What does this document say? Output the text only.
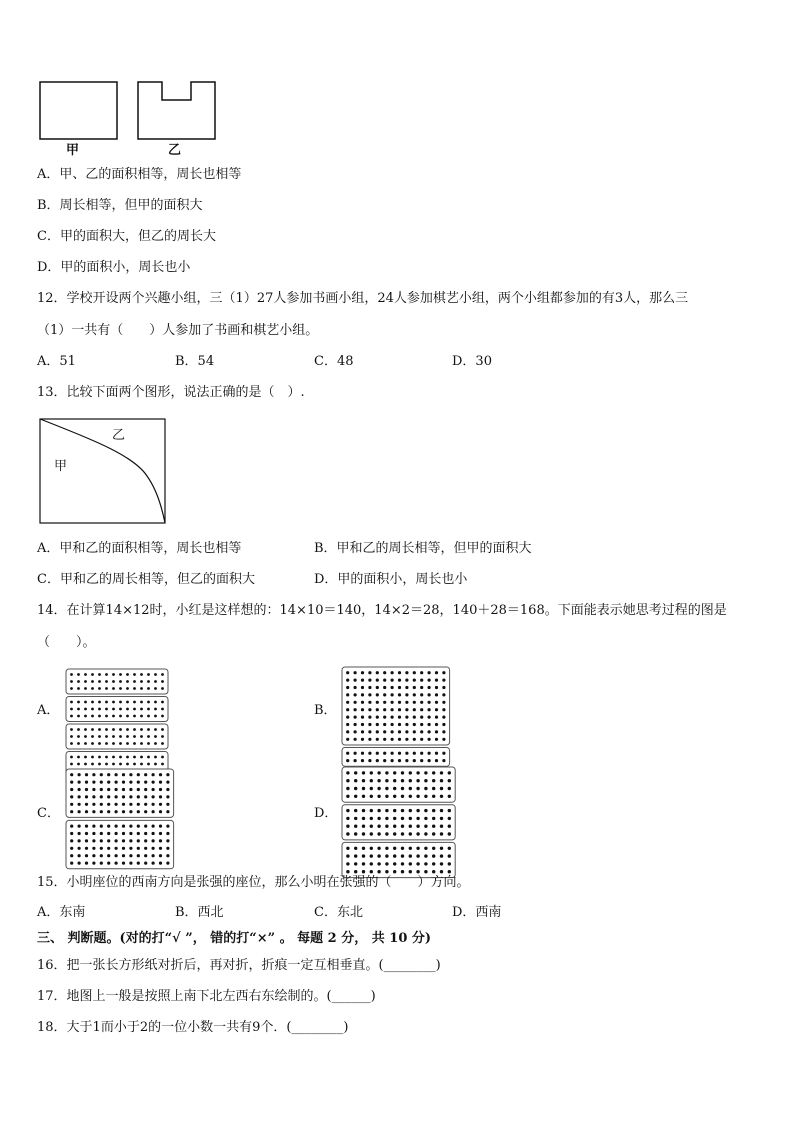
甲	乙
A．甲、乙的面积相等，周长也相等
B．周长相等，但甲的面积大
C．甲的面积大，但乙的周长大
D．甲的面积小，周长也小
12．学校开设两个兴趣小组，三（1）27人参加书画小组，24人参加棋艺小组，两个小组都参加的有3人，那么三
（1）一共有（　　）人参加了书画和棋艺小组。
A．51	B．54	C．48	D．30
13．比较下面两个图形，说法正确的是（　）.
乙
甲
A．甲和乙的面积相等，周长也相等	B．甲和乙的周长相等，但甲的面积大
C．甲和乙的周长相等，但乙的面积大	D．甲的面积小，周长也小
14．在计算14×12时，小红是这样想的：14×10＝140，14×2＝28，140＋28＝168。下面能表示她思考过程的图是
（　　）。
A．	B．
C．	D．
15．小明座位的西南方向是张强的座位，那么小明在张强的（　　）方向。
A．东南	B．西北	C．东北	D．西南
三、 判断题。(对的打“√ ”， 错的打“×” 。 每题 2 分， 共 10 分)
16．把一张长方形纸对折后，再对折，折痕一定互相垂直。(________)
17．地图上一般是按照上南下北左西右东绘制的。(______)
18．大于1而小于2的一位小数一共有9个．(________)
